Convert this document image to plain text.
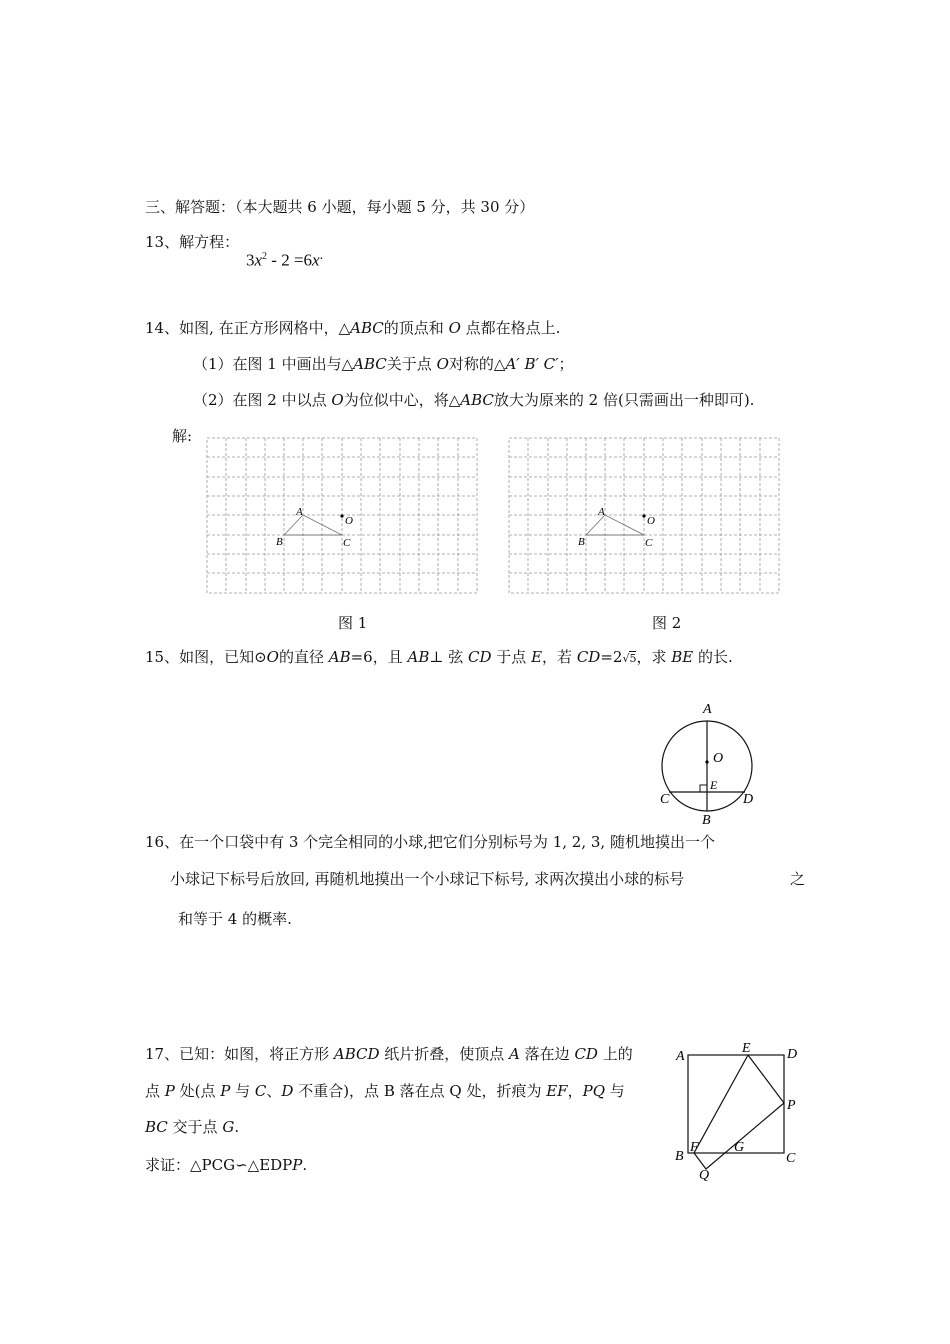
三、解答题：（本大题共 6 小题，每小题 5 分，共 30 分）
13、解方程：
$3x^2 - 2 =6x^.$
14、如图, 在正方形网格中，△ABC的顶点和 O 点都在格点上.
（1）在图 1 中画出与△ABC关于点 O对称的△A′ B′ C′；
（2）在图 2 中以点 O为位似中心，将△ABC放大为原来的 2 倍(只需画出一种即可).
解:
A
B	C
O
A
B	C
O
图 1	图 2
15、如图，已知⊙O的直径 AB=6，且 AB⊥ 弦 CD 于点 E，若 CD=2√5，求 BE 的长.
A
O
E
C	D
B
16、在一个口袋中有 3 个完全相同的小球,把它们分别标号为 1, 2, 3, 随机地摸出一个
小球记下标号后放回, 再随机地摸出一个小球记下标号, 求两次摸出小球的标号	之
和等于 4 的概率.
17、已知：如图，将正方形 ABCD 纸片折叠，使顶点 A 落在边 CD 上的
点 P 处(点 P 与 C、D 不重合)，点 B 落在点 Q 处，折痕为 EF，PQ 与
BC 交于点 G.
求证：△PCG∽△EDPP.
A
E	D
P
B
F	G
C
Q
